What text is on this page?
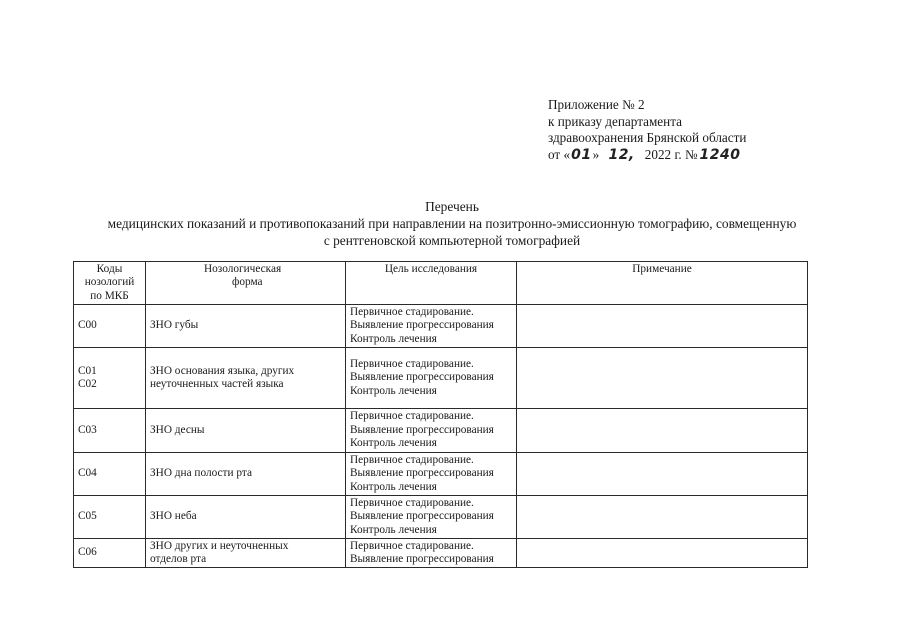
Приложение № 2
к приказу департамента
здравоохранения Брянской области
от «01» 12, 2022 г. № 1240
Перечень
медицинских показаний и противопоказаний при направлении на позитронно-эмиссионную томографию, совмещенную
с рентгеновской компьютерной томографией
Коды
нозологий
по МКБ	Нозологическая
форма	Цель исследования	Примечание

С00	ЗНО губы	Первичное стадирование.
Выявление прогрессирования
Контроль лечения	

С01
С02	ЗНО основания языка, других
неуточненных частей языка	Первичное стадирование.
Выявление прогрессирования
Контроль лечения	

С03	ЗНО десны	Первичное стадирование.
Выявление прогрессирования
Контроль лечения	

С04	ЗНО дна полости рта	Первичное стадирование.
Выявление прогрессирования
Контроль лечения	

С05	ЗНО неба	Первичное стадирование.
Выявление прогрессирования
Контроль лечения	

С06	ЗНО других и неуточненных
отделов рта	Первичное стадирование.
Выявление прогрессирования	
